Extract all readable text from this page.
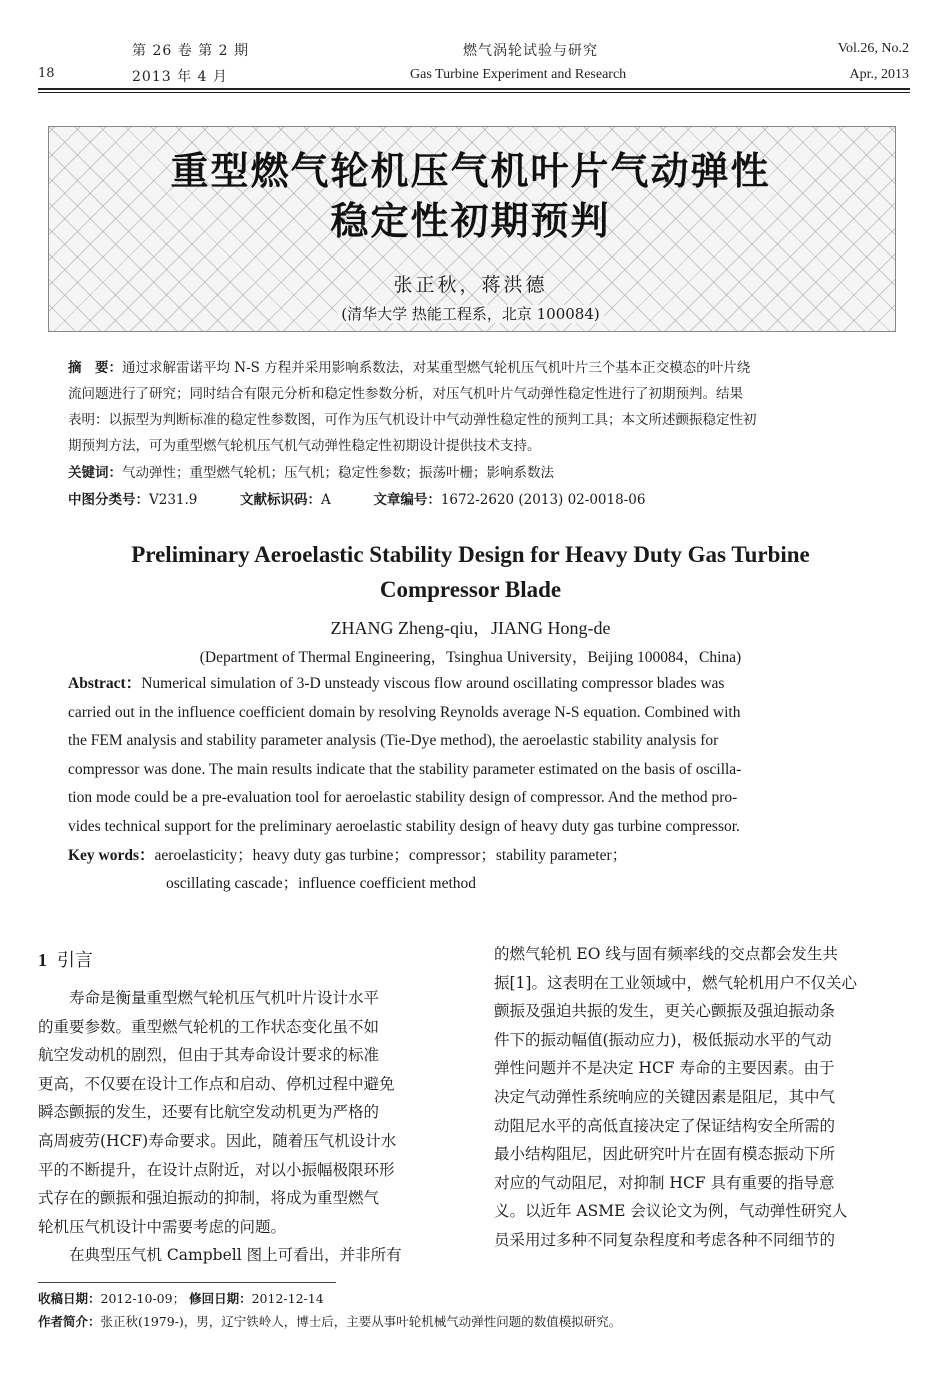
18
第 26 卷 第 2 期
2013 年 4 月
燃气涡轮试验与研究
Gas Turbine Experiment and Research
Vol.26, No.2
Apr., 2013
重型燃气轮机压气机叶片气动弹性
稳定性初期预判
张正秋，蒋洪德
(清华大学 热能工程系，北京 100084)
摘　要：通过求解雷诺平均 N-S 方程并采用影响系数法，对某重型燃气轮机压气机叶片三个基本正交模态的叶片绕
流问题进行了研究；同时结合有限元分析和稳定性参数分析，对压气机叶片气动弹性稳定性进行了初期预判。结果
表明：以振型为判断标准的稳定性参数图，可作为压气机设计中气动弹性稳定性的预判工具；本文所述颤振稳定性初
期预判方法，可为重型燃气轮机压气机气动弹性稳定性初期设计提供技术支持。
关键词：气动弹性；重型燃气轮机；压气机；稳定性参数；振荡叶栅；影响系数法
中图分类号：V231.9	文献标识码：A	文章编号：1672-2620 (2013) 02-0018-06
Preliminary Aeroelastic Stability Design for Heavy Duty Gas Turbine
Compressor Blade
ZHANG Zheng-qiu，JIANG Hong-de
(Department of Thermal Engineering，Tsinghua University，Beijing 100084，China)
Abstract：Numerical simulation of 3-D unsteady viscous flow around oscillating compressor blades was
carried out in the influence coefficient domain by resolving Reynolds average N-S equation. Combined with
the FEM analysis and stability parameter analysis (Tie-Dye method), the aeroelastic stability analysis for
compressor was done. The main results indicate that the stability parameter estimated on the basis of oscilla-
tion mode could be a pre-evaluation tool for aeroelastic stability design of compressor. And the method pro-
vides technical support for the preliminary aeroelastic stability design of heavy duty gas turbine compressor.
Key words：aeroelasticity；heavy duty gas turbine；compressor；stability parameter；
oscillating cascade；influence coefficient method
1 引言

　　寿命是衡量重型燃气轮机压气机叶片设计水平

的重要参数。重型燃气轮机的工作状态变化虽不如

航空发动机的剧烈，但由于其寿命设计要求的标准

更高，不仅要在设计工作点和启动、停机过程中避免

瞬态颤振的发生，还要有比航空发动机更为严格的

高周疲劳(HCF)寿命要求。因此，随着压气机设计水

平的不断提升，在设计点附近，对以小振幅极限环形

式存在的颤振和强迫振动的抑制，将成为重型燃气

轮机压气机设计中需要考虑的问题。

　　在典型压气机 Campbell 图上可看出，并非所有

的燃气轮机 EO 线与固有频率线的交点都会发生共

振[1]。这表明在工业领域中，燃气轮机用户不仅关心

颤振及强迫共振的发生，更关心颤振及强迫振动条

件下的振动幅值(振动应力)，极低振动水平的气动

弹性问题并不是决定 HCF 寿命的主要因素。由于

决定气动弹性系统响应的关键因素是阻尼，其中气

动阻尼水平的高低直接决定了保证结构安全所需的

最小结构阻尼，因此研究叶片在固有模态振动下所

对应的气动阻尼，对抑制 HCF 具有重要的指导意

义。以近年 ASME 会议论文为例，气动弹性研究人

员采用过多种不同复杂程度和考虑各种不同细节的

收稿日期：2012-10-09； 修回日期：2012-12-14
作者简介：张正秋(1979-)，男，辽宁铁岭人，博士后，主要从事叶轮机械气动弹性问题的数值模拟研究。
